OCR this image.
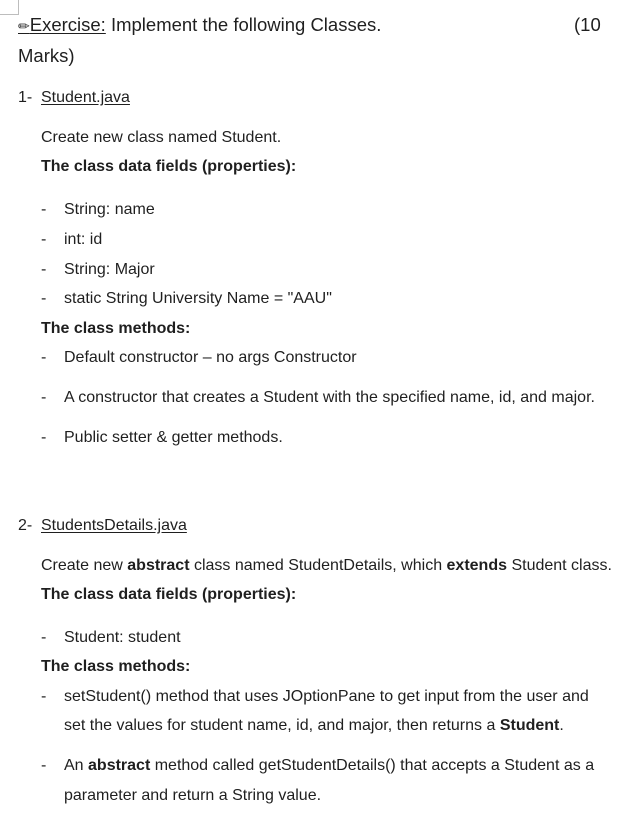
✏Exercise: Implement the following Classes.	(10
Marks)
1- Student.java
Create new class named Student.
The class data fields (properties):
- String: name
- int: id
- String: Major
- static String University Name = "AAU"
The class methods:
- Default constructor – no args Constructor
- A constructor that creates a Student with the specified name, id, and major.
- Public setter & getter methods.
2- StudentsDetails.java
Create new abstract class named StudentDetails, which extends Student class.
The class data fields (properties):
- Student: student
The class methods:
- setStudent() method that uses JOptionPane to get input from the user and
set the values for student name, id, and major, then returns a Student.
- An abstract method called getStudentDetails() that accepts a Student as a
parameter and return a String value.
